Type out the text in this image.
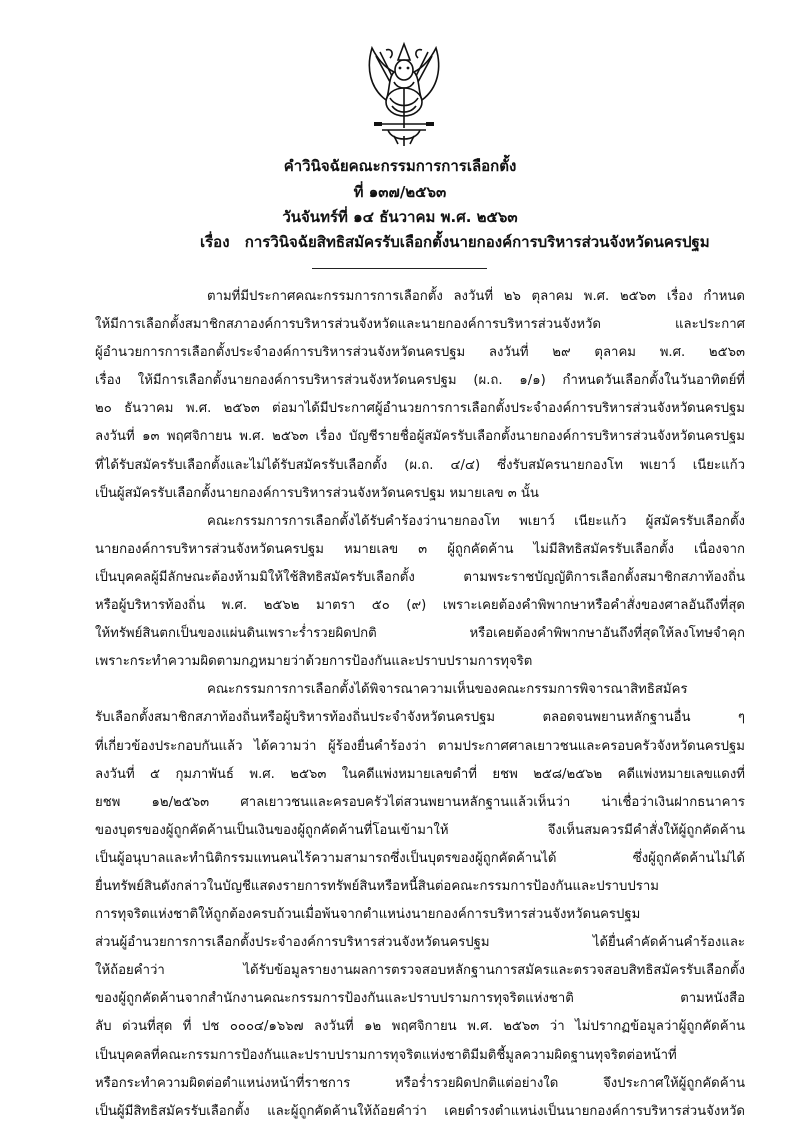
คำวินิจฉัยคณะกรรมการการเลือกตั้ง
ที่ ๑๓๗/๒๕๖๓
วันจันทร์ที่ ๑๔ ธันวาคม พ.ศ. ๒๕๖๓
เรื่อง การวินิจฉัยสิทธิสมัครรับเลือกตั้งนายกองค์การบริหารส่วนจังหวัดนครปฐม
ตามที่มีประกาศคณะกรรมการการเลือกตั้ง ลงวันที่ ๒๖ ตุลาคม พ.ศ. ๒๕๖๓ เรื่อง กำหนด
ให้มีการเลือกตั้งสมาชิกสภาองค์การบริหารส่วนจังหวัดและนายกองค์การบริหารส่วนจังหวัด และประกาศ
ผู้อำนวยการการเลือกตั้งประจำองค์การบริหารส่วนจังหวัดนครปฐม ลงวันที่ ๒๙ ตุลาคม พ.ศ. ๒๕๖๓
เรื่อง ให้มีการเลือกตั้งนายกองค์การบริหารส่วนจังหวัดนครปฐม (ผ.ถ. ๑/๑) กำหนดวันเลือกตั้งในวันอาทิตย์ที่
๒๐ ธันวาคม พ.ศ. ๒๕๖๓ ต่อมาได้มีประกาศผู้อำนวยการการเลือกตั้งประจำองค์การบริหารส่วนจังหวัดนครปฐม
ลงวันที่ ๑๓ พฤศจิกายน พ.ศ. ๒๕๖๓ เรื่อง บัญชีรายชื่อผู้สมัครรับเลือกตั้งนายกองค์การบริหารส่วนจังหวัดนครปฐม
ที่ได้รับสมัครรับเลือกตั้งและไม่ได้รับสมัครรับเลือกตั้ง (ผ.ถ. ๔/๔) ซึ่งรับสมัครนายกองโท พเยาว์ เนียะแก้ว
เป็นผู้สมัครรับเลือกตั้งนายกองค์การบริหารส่วนจังหวัดนครปฐม หมายเลข ๓ นั้น
คณะกรรมการการเลือกตั้งได้รับคำร้องว่านายกองโท พเยาว์ เนียะแก้ว ผู้สมัครรับเลือกตั้ง
นายกองค์การบริหารส่วนจังหวัดนครปฐม หมายเลข ๓ ผู้ถูกคัดค้าน ไม่มีสิทธิสมัครรับเลือกตั้ง เนื่องจาก
เป็นบุคคลผู้มีลักษณะต้องห้ามมิให้ใช้สิทธิสมัครรับเลือกตั้ง ตามพระราชบัญญัติการเลือกตั้งสมาชิกสภาท้องถิ่น
หรือผู้บริหารท้องถิ่น พ.ศ. ๒๕๖๒ มาตรา ๕๐ (๙) เพราะเคยต้องคำพิพากษาหรือคำสั่งของศาลอันถึงที่สุด
ให้ทรัพย์สินตกเป็นของแผ่นดินเพราะร่ำรวยผิดปกติ หรือเคยต้องคำพิพากษาอันถึงที่สุดให้ลงโทษจำคุก
เพราะกระทำความผิดตามกฎหมายว่าด้วยการป้องกันและปราบปรามการทุจริต
คณะกรรมการการเลือกตั้งได้พิจารณาความเห็นของคณะกรรมการพิจารณาสิทธิสมัคร
รับเลือกตั้งสมาชิกสภาท้องถิ่นหรือผู้บริหารท้องถิ่นประจำจังหวัดนครปฐม ตลอดจนพยานหลักฐานอื่น ๆ
ที่เกี่ยวข้องประกอบกันแล้ว ได้ความว่า ผู้ร้องยื่นคำร้องว่า ตามประกาศศาลเยาวชนและครอบครัวจังหวัดนครปฐม
ลงวันที่ ๕ กุมภาพันธ์ พ.ศ. ๒๕๖๓ ในคดีแพ่งหมายเลขดำที่ ยชพ ๒๕๘/๒๕๖๒ คดีแพ่งหมายเลขแดงที่
ยชพ ๑๒/๒๕๖๓ ศาลเยาวชนและครอบครัวไต่สวนพยานหลักฐานแล้วเห็นว่า น่าเชื่อว่าเงินฝากธนาคาร
ของบุตรของผู้ถูกคัดค้านเป็นเงินของผู้ถูกคัดค้านที่โอนเข้ามาให้ จึงเห็นสมควรมีคำสั่งให้ผู้ถูกคัดค้าน
เป็นผู้อนุบาลและทำนิติกรรมแทนคนไร้ความสามารถซึ่งเป็นบุตรของผู้ถูกคัดค้านได้ ซึ่งผู้ถูกคัดค้านไม่ได้
ยื่นทรัพย์สินดังกล่าวในบัญชีแสดงรายการทรัพย์สินหรือหนี้สินต่อคณะกรรมการป้องกันและปราบปราม
การทุจริตแห่งชาติให้ถูกต้องครบถ้วนเมื่อพ้นจากตำแหน่งนายกองค์การบริหารส่วนจังหวัดนครปฐม
ส่วนผู้อำนวยการการเลือกตั้งประจำองค์การบริหารส่วนจังหวัดนครปฐม ได้ยื่นคำคัดค้านคำร้องและ
ให้ถ้อยคำว่า ได้รับข้อมูลรายงานผลการตรวจสอบหลักฐานการสมัครและตรวจสอบสิทธิสมัครรับเลือกตั้ง
ของผู้ถูกคัดค้านจากสำนักงานคณะกรรมการป้องกันและปราบปรามการทุจริตแห่งชาติ ตามหนังสือ
ลับ ด่วนที่สุด ที่ ปช ๐๐๐๔/๑๖๖๗ ลงวันที่ ๑๒ พฤศจิกายน พ.ศ. ๒๕๖๓ ว่า ไม่ปรากฏข้อมูลว่าผู้ถูกคัดค้าน
เป็นบุคคลที่คณะกรรมการป้องกันและปราบปรามการทุจริตแห่งชาติมีมติชี้มูลความผิดฐานทุจริตต่อหน้าที่
หรือกระทำความผิดต่อตำแหน่งหน้าที่ราชการ หรือร่ำรวยผิดปกติแต่อย่างใด จึงประกาศให้ผู้ถูกคัดค้าน
เป็นผู้มีสิทธิสมัครรับเลือกตั้ง และผู้ถูกคัดค้านให้ถ้อยคำว่า เคยดำรงตำแหน่งเป็นนายกองค์การบริหารส่วนจังหวัด
